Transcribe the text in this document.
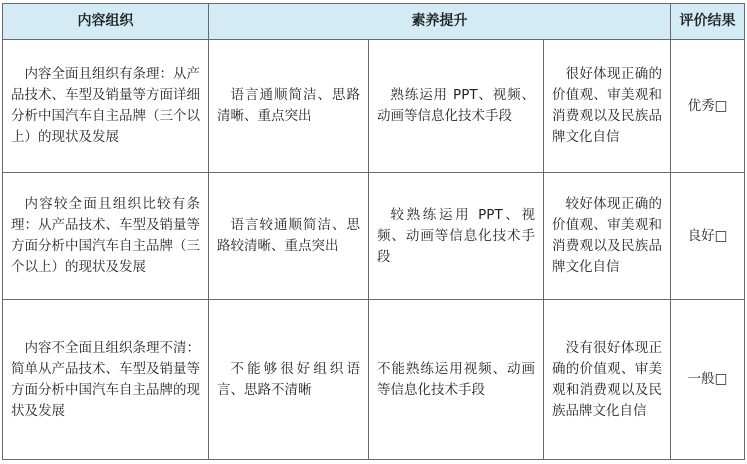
内容组织	素养提升			评价结果
内容全面且组织有条理：从产品技术、车型及销量等方面详细分析中国汽车自主品牌（三个以上）的现状及发展	语言通顺简洁、思路清晰、重点突出	熟练运用 PPT、视频、动画等信息化技术手段	很好体现正确的价值观、审美观和消费观以及民族品牌文化自信	优秀□
内容较全面且组织比较有条理：从产品技术、车型及销量等方面分析中国汽车自主品牌（三个以上）的现状及发展	语言较通顺简洁、思路较清晰、重点突出	较熟练运用 PPT、视频、动画等信息化技术手段	较好体现正确的价值观、审美观和消费观以及民族品牌文化自信	良好□
内容不全面且组织条理不清：简单从产品技术、车型及销量等方面分析中国汽车自主品牌的现状及发展	不能够很好组织语言、思路不清晰	不能熟练运用视频、动画等信息化技术手段	没有很好体现正确的价值观、审美观和消费观以及民族品牌文化自信	一般□
